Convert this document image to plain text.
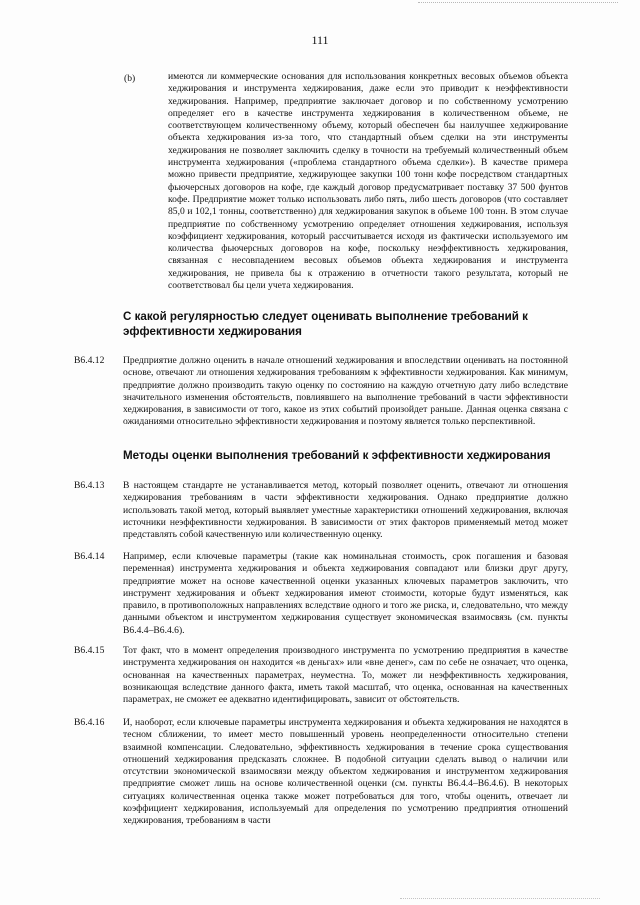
111
(b)	имеются ли коммерческие основания для использования конкретных весовых объемов объекта хеджирования и инструмента хеджирования, даже если это приводит к неэффективности хеджирования. Например, предприятие заключает договор и по собственному усмотрению определяет его в качестве инструмента хеджирования в количественном объеме, не соответствующем количественному объему, который обеспечен бы наилучшее хеджирование объекта хеджирования из-за того, что стандартный объем сделки на эти инструменты хеджирования не позволяет заключить сделку в точности на требуемый количественный объем инструмента хеджирования («проблема стандартного объема сделки»). В качестве примера можно привести предприятие, хеджирующее закупки 100 тонн кофе посредством стандартных фьючерсных договоров на кофе, где каждый договор предусматривает поставку 37 500 фунтов кофе. Предприятие может только использовать либо пять, либо шесть договоров (что составляет 85,0 и 102,1 тонны, соответственно) для хеджирования закупок в объеме 100 тонн. В этом случае предприятие по собственному усмотрению определяет отношения хеджирования, используя коэффициент хеджирования, который рассчитывается исходя из фактически используемого им количества фьючерсных договоров на кофе, поскольку неэффективность хеджирования, связанная с несовпадением весовых объемов объекта хеджирования и инструмента хеджирования, не привела бы к отражению в отчетности такого результата, который не соответствовал бы цели учета хеджирования.

С какой регулярностью следует оценивать выполнение требований к эффективности хеджирования
B6.4.12 Предприятие должно оценить в начале отношений хеджирования и впоследствии оценивать на постоянной основе, отвечают ли отношения хеджирования требованиям к эффективности хеджирования. Как минимум, предприятие должно производить такую оценку по состоянию на каждую отчетную дату либо вследствие значительного изменения обстоятельств, повлиявшего на выполнение требований в части эффективности хеджирования, в зависимости от того, какое из этих событий произойдет раньше. Данная оценка связана с ожиданиями относительно эффективности хеджирования и поэтому является только перспективной.

Методы оценки выполнения требований к эффективности хеджирования
B6.4.13 В настоящем стандарте не устанавливается метод, который позволяет оценить, отвечают ли отношения хеджирования требованиям в части эффективности хеджирования. Однако предприятие должно использовать такой метод, который выявляет уместные характеристики отношений хеджирования, включая источники неэффективности хеджирования. В зависимости от этих факторов применяемый метод может представлять собой качественную или количественную оценку.

B6.4.14 Например, если ключевые параметры (такие как номинальная стоимость, срок погашения и базовая переменная) инструмента хеджирования и объекта хеджирования совпадают или близки друг другу, предприятие может на основе качественной оценки указанных ключевых параметров заключить, что инструмент хеджирования и объект хеджирования имеют стоимости, которые будут изменяться, как правило, в противоположных направлениях вследствие одного и того же риска, и, следовательно, что между данными объектом и инструментом хеджирования существует экономическая взаимосвязь (см. пункты B6.4.4–B6.4.6).

B6.4.15 Тот факт, что в момент определения производного инструмента по усмотрению предприятия в качестве инструмента хеджирования он находится «в деньгах» или «вне денег», сам по себе не означает, что оценка, основанная на качественных параметрах, неуместна. То, может ли неэффективность хеджирования, возникающая вследствие данного факта, иметь такой масштаб, что оценка, основанная на качественных параметрах, не сможет ее адекватно идентифицировать, зависит от обстоятельств.

B6.4.16 И, наоборот, если ключевые параметры инструмента хеджирования и объекта хеджирования не находятся в тесном сближении, то имеет место повышенный уровень неопределенности относительно степени взаимной компенсации. Следовательно, эффективность хеджирования в течение срока существования отношений хеджирования предсказать сложнее. В подобной ситуации сделать вывод о наличии или отсутствии экономической взаимосвязи между объектом хеджирования и инструментом хеджирования предприятие сможет лишь на основе количественной оценки (см. пункты B6.4.4–B6.4.6). В некоторых ситуациях количественная оценка также может потребоваться для того, чтобы оценить, отвечает ли коэффициент хеджирования, используемый для определения по усмотрению предприятия отношений хеджирования, требованиям в части
